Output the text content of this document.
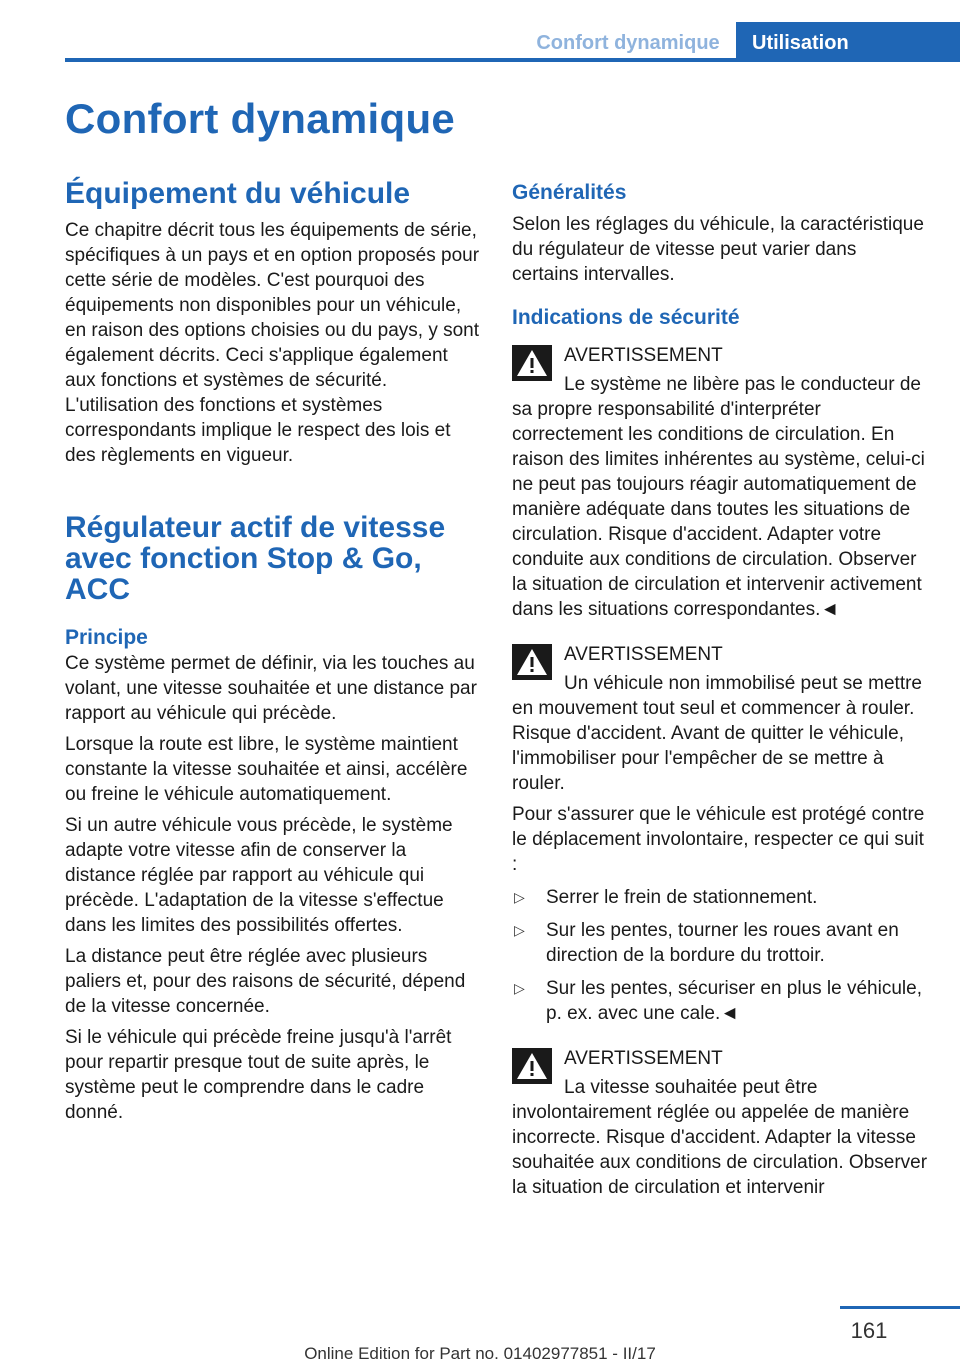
Confort dynamique	Utilisation
Confort dynamique
Équipement du véhicule

Ce chapitre décrit tous les équipements de série, spécifiques à un pays et en option proposés pour cette série de modèles. C'est pourquoi des équipements non disponibles pour un véhicule, en raison des options choisies ou du pays, y sont également décrits. Ceci s'applique également aux fonctions et systèmes de sécurité. L'utilisation des fonctions et systèmes correspondants implique le respect des lois et des règlements en vigueur.

Régulateur actif de vitesse avec fonction Stop & Go, ACC
Principe

Ce système permet de définir, via les touches au volant, une vitesse souhaitée et une distance par rapport au véhicule qui précède.

Lorsque la route est libre, le système maintient constante la vitesse souhaitée et ainsi, accélère ou freine le véhicule automatiquement.

Si un autre véhicule vous précède, le système adapte votre vitesse afin de conserver la distance réglée par rapport au véhicule qui précède. L'adaptation de la vitesse s'effectue dans les limites des possibilités offertes.

La distance peut être réglée avec plusieurs paliers et, pour des raisons de sécurité, dépend de la vitesse concernée.

Si le véhicule qui précède freine jusqu'à l'arrêt pour repartir presque tout de suite après, le système peut le comprendre dans le cadre donné.

Généralités

Selon les réglages du véhicule, la caractéristique du régulateur de vitesse peut varier dans certains intervalles.

Indications de sécurité
AVERTISSEMENT

Le système ne libère pas le conducteur de sa propre responsabilité d'interpréter correctement les conditions de circulation. En raison des limites inhérentes au système, celui-ci ne peut pas toujours réagir automatiquement de manière adéquate dans toutes les situations de circulation. Risque d'accident. Adapter votre conduite aux conditions de circulation. Observer la situation de circulation et intervenir activement dans les situations correspondantes.◄

AVERTISSEMENT

Un véhicule non immobilisé peut se mettre en mouvement tout seul et commencer à rouler. Risque d'accident. Avant de quitter le véhicule, l'immobiliser pour l'empêcher de se mettre à rouler.

Pour s'assurer que le véhicule est protégé contre le déplacement involontaire, respecter ce qui suit :

▷ Serrer le frein de stationnement.
▷ Sur les pentes, tourner les roues avant en direction de la bordure du trottoir.
▷ Sur les pentes, sécuriser en plus le véhicule, p. ex. avec une cale.◄
AVERTISSEMENT

La vitesse souhaitée peut être involontairement réglée ou appelée de manière incorrecte. Risque d'accident. Adapter la vitesse souhaitée aux conditions de circulation. Observer la situation de circulation et intervenir

161
Online Edition for Part no. 01402977851 - II/17
